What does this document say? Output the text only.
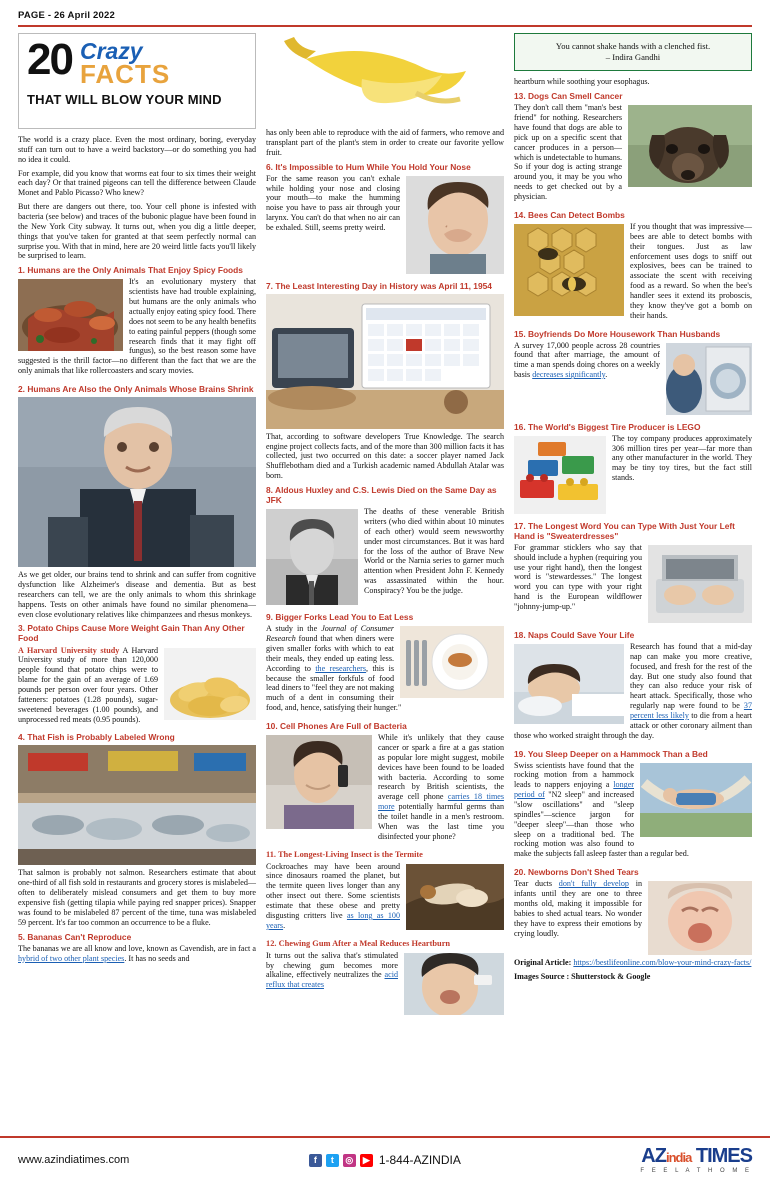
PAGE - 26 April 2022
20 Crazy
FACTS
THAT WILL BLOW YOUR MIND

The world is a crazy place. Even the most ordinary, boring, everyday stuff can turn out to have a weird backstory—or do something you had no idea it could.

For example, did you know that worms eat four to six times their weight each day? Or that trained pigeons can tell the difference between Claude Monet and Pablo Picasso? Who knew?

But there are dangers out there, too. Your cell phone is infested with bacteria (see below) and traces of the bubonic plague have been found in the New York City subway. It turns out, when you dig a little deeper, things that you've taken for granted at that seem perfectly normal can surprise you. With that in mind, here are 20 weird little facts you'll likely be surprised to learn.

1. Humans are the Only Animals That Enjoy Spicy Foods

It's an evolutionary mystery that scientists have had trouble explaining, but humans are the only animals who actually enjoy eating spicy food. There does not seem to be any health benefits to eating painful peppers (though some research finds that it may fight off fungus), so the best reason some have suggested is the thrill factor—no different than the fact that we are the only animals that like rollercoasters and scary movies.

2. Humans Are Also the Only Animals Whose Brains Shrink

As we get older, our brains tend to shrink and can suffer from cognitive dysfunction like Alzheimer's disease and dementia. But as best researchers can tell, we are the only animals to whom this shrinkage happens. Tests on other animals have found no similar phenomena—even close evolutionary relatives like chimpanzees and rhesus monkeys.

3. Potato Chips Cause More Weight Gain Than Any Other Food

A Harvard University study A Harvard University study of more than 120,000 people found that potato chips were to blame for the gain of an average of 1.69 pounds per person over four years. Other fatteners: potatoes (1.28 pounds), sugar-sweetened beverages (1.00 pounds), and unprocessed red meats (0.95 pounds).

4. That Fish is Probably Labeled Wrong

That salmon is probably not salmon. Researchers estimate that about one-third of all fish sold in restaurants and grocery stores is mislabeled—often to deliberately mislead consumers and get them to buy more expensive fish (getting tilapia while paying red snapper prices). Snapper was found to be mislabeled 87 percent of the time, tuna was mislabeled 59 percent. It's far too common an occurrence to be a fluke.

5. Bananas Can't Reproduce

The bananas we are all know and love, known as Cavendish, are in fact a hybrid of two other plant species. It has no seeds and

has only been able to reproduce with the aid of farmers, who remove and transplant part of the plant's stem in order to create our favorite yellow fruit.

6. It's Impossible to Hum While You Hold Your Nose

For the same reason you can't exhale while holding your nose and closing your mouth—to make the humming noise you have to pass air through your larynx. You can't do that when no air can be exhaled. Still, seems pretty weird.

7. The Least Interesting Day in History was April 11, 1954

That, according to software developers True Knowledge. The search engine project collects facts, and of the more than 300 million facts it has collected, just two occurred on this date: a soccer player named Jack Shufflebotham died and a Turkish academic named Abdullah Atalar was born.

8. Aldous Huxley and C.S. Lewis Died on the Same Day as JFK

The deaths of these venerable British writers (who died within about 10 minutes of each other) would seem newsworthy under most circumstances. But it was hard for the loss of the author of Brave New World or the Narnia series to garner much attention when President John F. Kennedy was assassinated within the hour. Conspiracy? You be the judge.

9. Bigger Forks Lead You to Eat Less

A study in the Journal of Consumer Research found that when diners were given smaller forks with which to eat their meals, they ended up eating less. According to the researchers, this is because the smaller forkfuls of food lead diners to "feel they are not making much of a dent in consuming their food, and, hence, satisfying their hunger."

10. Cell Phones Are Full of Bacteria

While it's unlikely that they cause cancer or spark a fire at a gas station as popular lore might suggest, mobile devices have been found to be loaded with bacteria. According to some research by British scientists, the average cell phone carries 18 times more potentially harmful germs than the toilet handle in a men's restroom. When was the last time you disinfected your phone?

11. The Longest-Living Insect is the Termite

Cockroaches may have been around since dinosaurs roamed the planet, but the termite queen lives longer than any other insect out there. Some scientists estimate that these obese and pretty disgusting critters live as long as 100 years.

12. Chewing Gum After a Meal Reduces Heartburn

It turns out the saliva that's stimulated by chewing gum becomes more alkaline, effectively neutralizes the acid reflux that creates

You cannot shake hands with a clenched fist.
– Indira Gandhi

heartburn while soothing your esophagus.

13. Dogs Can Smell Cancer

They don't call them "man's best friend" for nothing. Researchers have found that dogs are able to pick up on a specific scent that cancer produces in a person—which is undetectable to humans. So if your dog is acting strange around you, it may be you who needs to get checked out by a physician.

14. Bees Can Detect Bombs

If you thought that was impressive—bees are able to detect bombs with their tongues. Just as law enforcement uses dogs to sniff out explosives, bees can be trained to associate the scent with receiving food as a reward. So when the bee's handler sees it extend its proboscis, they know they've got a bomb on their hands.

15. Boyfriends Do More Housework Than Husbands

A survey 17,000 people across 28 countries found that after marriage, the amount of time a man spends doing chores on a weekly basis decreases significantly.

16. The World's Biggest Tire Producer is LEGO

The toy company produces approximately 306 million tires per year—far more than any other manufacturer in the world. They may be tiny toy tires, but the fact still stands.

17. The Longest Word You can Type With Just Your Left Hand is "Sweaterdresses"

For grammar sticklers who say that should include a hyphen (requiring you use your right hand), then the longest word is "stewardesses." The longest word you can type with your right hand is the European wildflower "johnny-jump-up."

18. Naps Could Save Your Life

Research has found that a mid-day nap can make you more creative, focused, and fresh for the rest of the day. But one study also found that they can also reduce your risk of heart attack. Specifically, those who regularly nap were found to be 37 percent less likely to die from a heart attack or other coronary ailment than those who worked straight through the day.

19. You Sleep Deeper on a Hammock Than a Bed

Swiss scientists have found that the rocking motion from a hammock leads to nappers enjoying a longer period of "N2 sleep" and increased "slow oscillations" and "sleep spindles"—science jargon for "deeper sleep"—than those who sleep on a traditional bed. The rocking motion was also found to make the subjects fall asleep faster than a regular bed.

20. Newborns Don't Shed Tears

Tear ducts don't fully develop in infants until they are one to three months old, making it impossible for babies to shed actual tears. No wonder they have to express their emotions by crying loudly.

Original Article: https://bestlifeonline.com/blow-your-mind-crazy-facts/

Images Source : Shutterstock & Google

www.azindiatimes.com	f	t	◎	▶ 1-844-AZINDIA	AZindia TIMES
F E E L A T H O M E
